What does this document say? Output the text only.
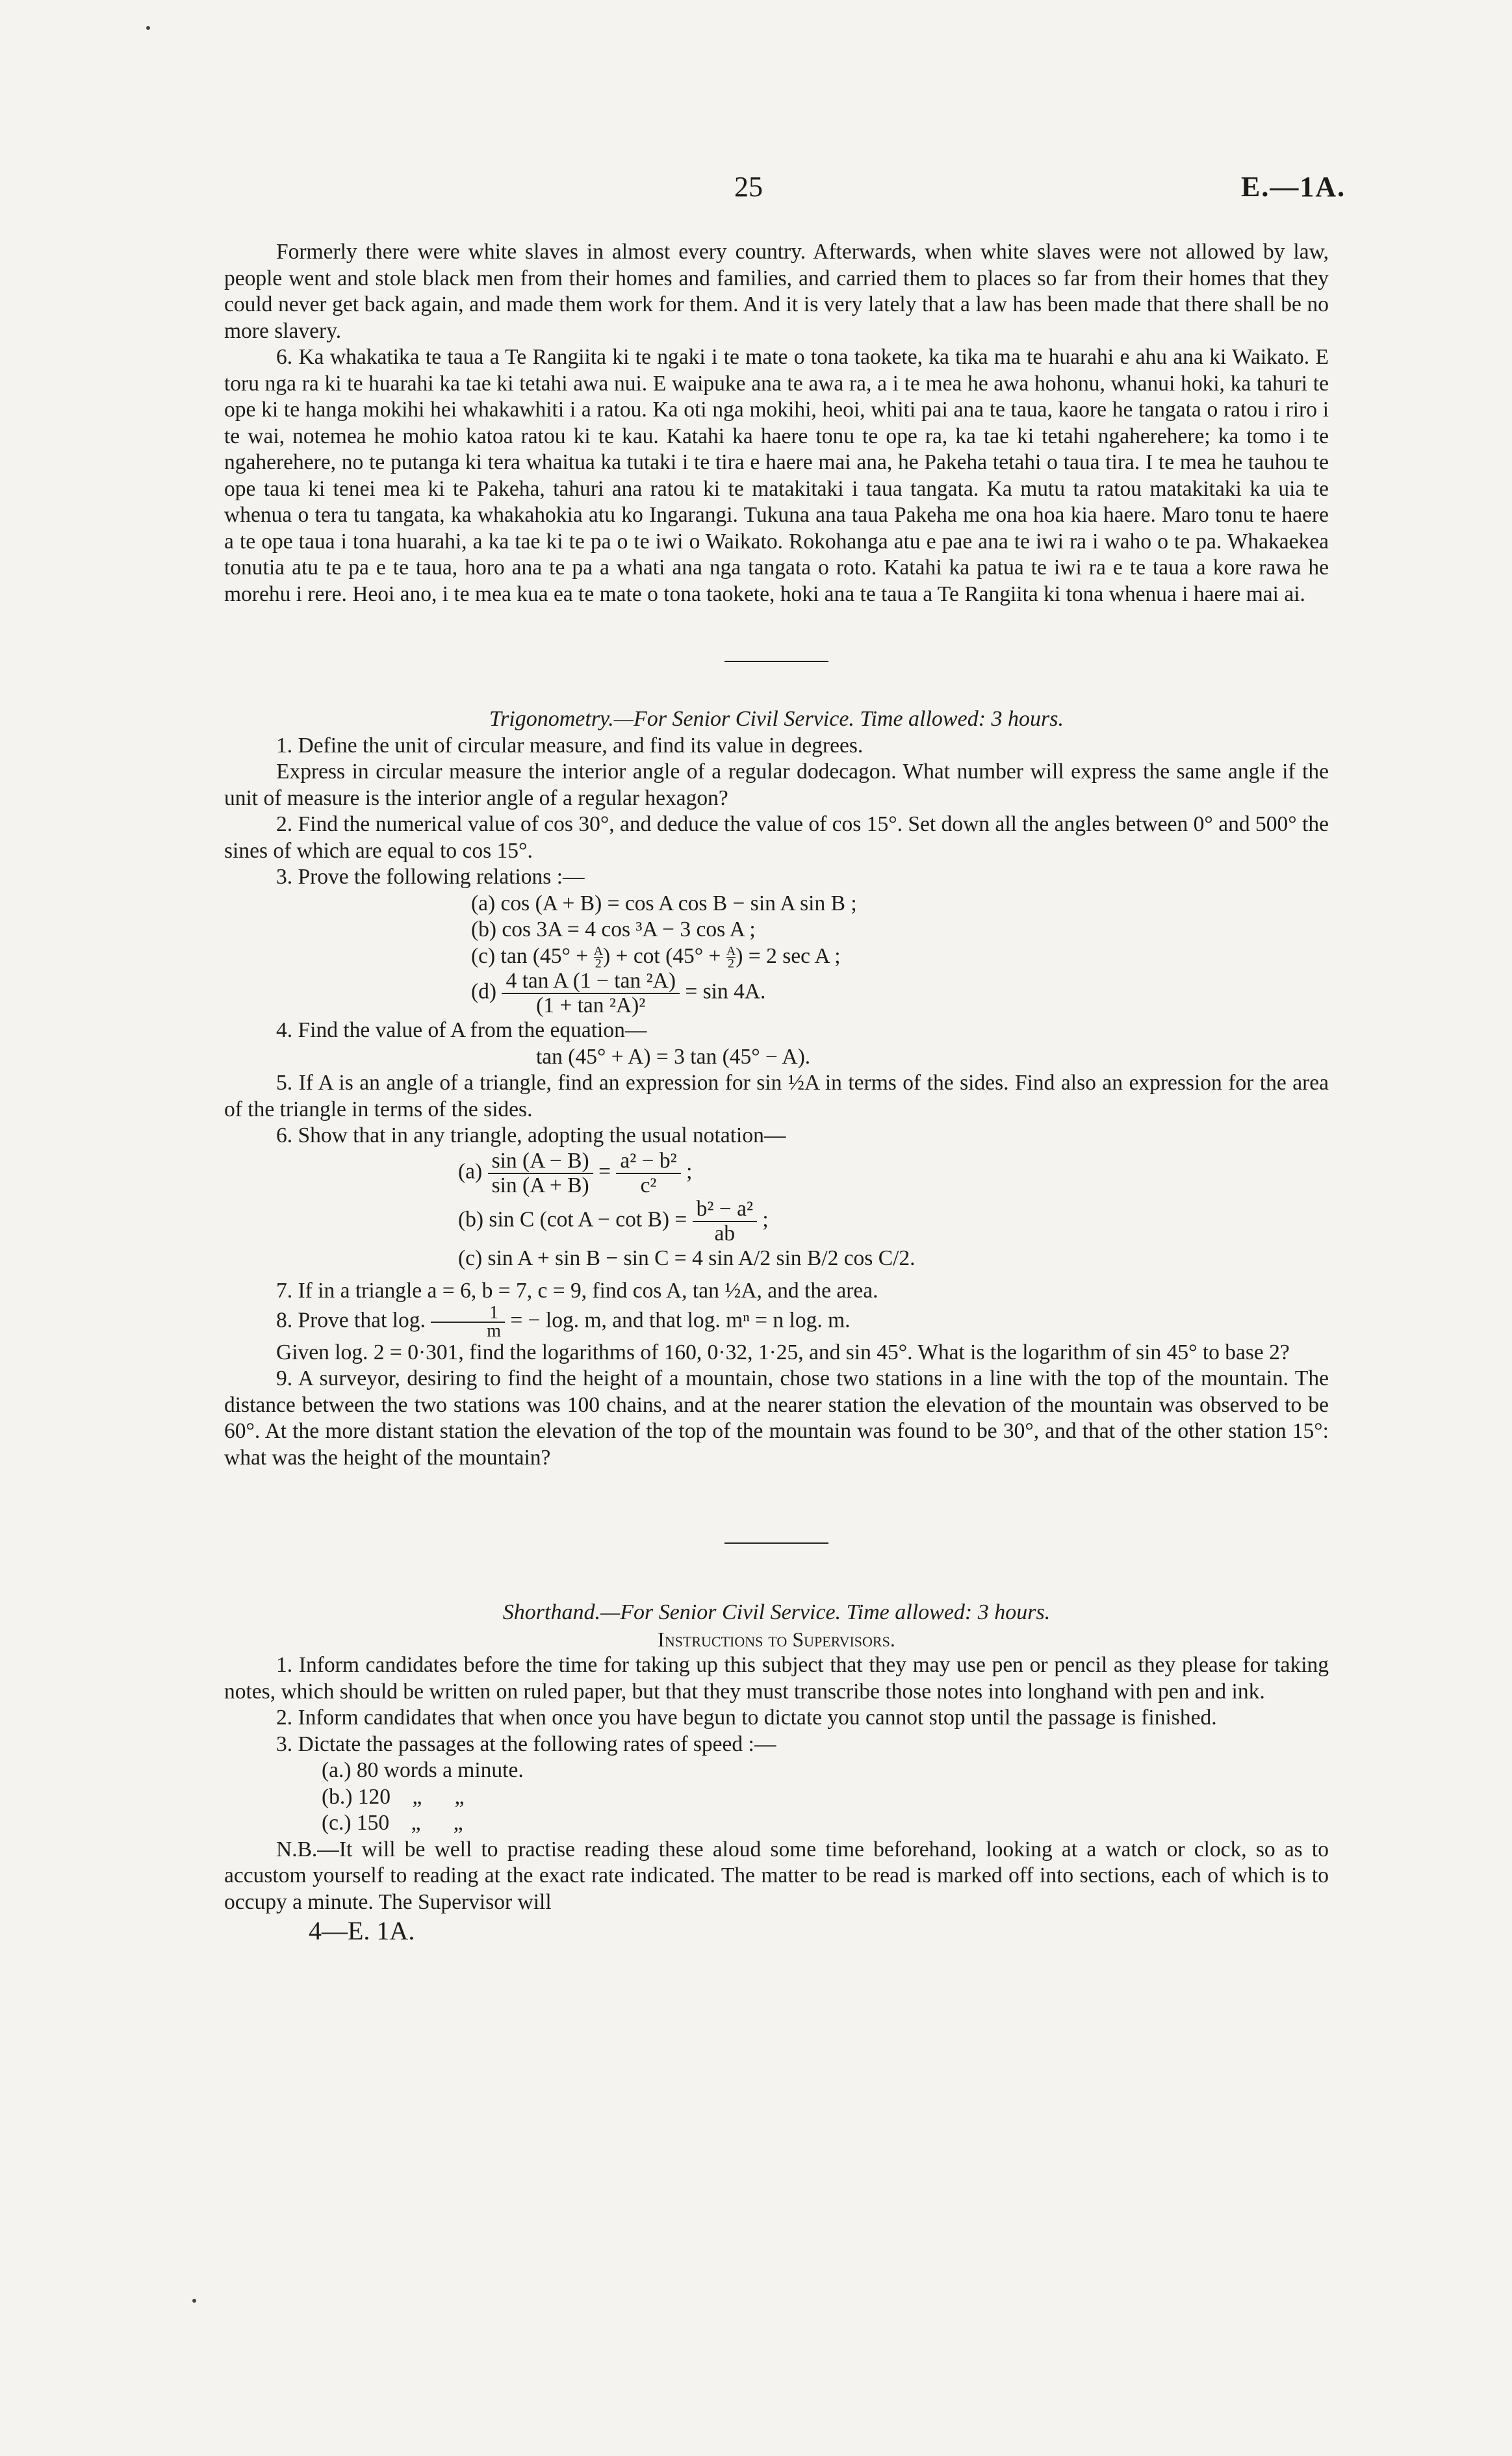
25	E.—1A.

Formerly there were white slaves in almost every country. Afterwards, when white slaves were not allowed by law, people went and stole black men from their homes and families, and carried them to places so far from their homes that they could never get back again, and made them work for them. And it is very lately that a law has been made that there shall be no more slavery.

6. Ka whakatika te taua a Te Rangiita ki te ngaki i te mate o tona taokete, ka tika ma te huarahi e ahu ana ki Waikato. E toru nga ra ki te huarahi ka tae ki tetahi awa nui. E waipuke ana te awa ra, a i te mea he awa hohonu, whanui hoki, ka tahuri te ope ki te hanga mokihi hei whakawhiti i a ratou. Ka oti nga mokihi, heoi, whiti pai ana te taua, kaore he tangata o ratou i riro i te wai, notemea he mohio katoa ratou ki te kau. Katahi ka haere tonu te ope ra, ka tae ki tetahi ngaherehere; ka tomo i te ngaherehere, no te putanga ki tera whaitua ka tutaki i te tira e haere mai ana, he Pakeha tetahi o taua tira. I te mea he tauhou te ope taua ki tenei mea ki te Pakeha, tahuri ana ratou ki te matakitaki i taua tangata. Ka mutu ta ratou matakitaki ka uia te whenua o tera tu tangata, ka whakahokia atu ko Ingarangi. Tukuna ana taua Pakeha me ona hoa kia haere. Maro tonu te haere a te ope taua i tona huarahi, a ka tae ki te pa o te iwi o Waikato. Rokohanga atu e pae ana te iwi ra i waho o te pa. Whakaekea tonutia atu te pa e te taua, horo ana te pa a whati ana nga tangata o roto. Katahi ka patua te iwi ra e te taua a kore rawa he morehu i rere. Heoi ano, i te mea kua ea te mate o tona taokete, hoki ana te taua a Te Rangiita ki tona whenua i haere mai ai.

Trigonometry.—For Senior Civil Service. Time allowed: 3 hours.

1. Define the unit of circular measure, and find its value in degrees.

Express in circular measure the interior angle of a regular dodecagon. What number will express the same angle if the unit of measure is the interior angle of a regular hexagon?

2. Find the numerical value of cos 30°, and deduce the value of cos 15°. Set down all the angles between 0° and 500° the sines of which are equal to cos 15°.

3. Prove the following relations :—

(a) cos (A + B) = cos A cos B − sin A sin B ;

(b) cos 3A = 4 cos ³A − 3 cos A ;

(c) $\tan (45^\circ + \frac{A}{2}$ ) + $\cot (45^\circ + \frac{A}{2}$ ) = 2 sec A ;

$(d) \frac{\text{4 tan A (1 − tan ²A)}}{\text{(1 + tan ²A)²}} = \sin 4A$.

4. Find the value of A from the equation—

tan (45° + A) = 3 tan (45° − A).

5. If A is an angle of a triangle, find an expression for sin ½A in terms of the sides. Find also an expression for the area of the triangle in terms of the sides.

6. Show that in any triangle, adopting the usual notation—

$(a) \frac{\sin (A - B)}{\sin (A + B)} = \frac{\text{a² − b²}}{\text{c²}}$ ;

(b) sin C (cot $A - \cot B) = \frac{\text{b² − a²}}{ab}$ ;

(c) sin A + sin B − sin C = 4 sin A/2 sin B/2 cos C/2.

7. If in a triangle a = 6, b = 7, c = 9, find cos A, tan ½A, and the area.

8. Prove that log. $\frac{1}{m}$ = − log. m, and that log. mⁿ = n log. m.

Given log. 2 = 0·301, find the logarithms of 160, 0·32, 1·25, and sin 45°. What is the logarithm of sin 45° to base 2?

9. A surveyor, desiring to find the height of a mountain, chose two stations in a line with the top of the mountain. The distance between the two stations was 100 chains, and at the nearer station the elevation of the mountain was observed to be 60°. At the more distant station the elevation of the top of the mountain was found to be 30°, and that of the other station 15°: what was the height of the mountain?

Shorthand.—For Senior Civil Service. Time allowed: 3 hours.

Instructions to Supervisors.

1. Inform candidates before the time for taking up this subject that they may use pen or pencil as they please for taking notes, which should be written on ruled paper, but that they must transcribe those notes into longhand with pen and ink.

2. Inform candidates that when once you have begun to dictate you cannot stop until the passage is finished.

3. Dictate the passages at the following rates of speed :—

(a.) 80 words a minute.

(b.) 120    „      „

(c.) 150    „      „

N.B.—It will be well to practise reading these aloud some time beforehand, looking at a watch or clock, so as to accustom yourself to reading at the exact rate indicated. The matter to be read is marked off into sections, each of which is to occupy a minute. The Supervisor will

4—E. 1A.
